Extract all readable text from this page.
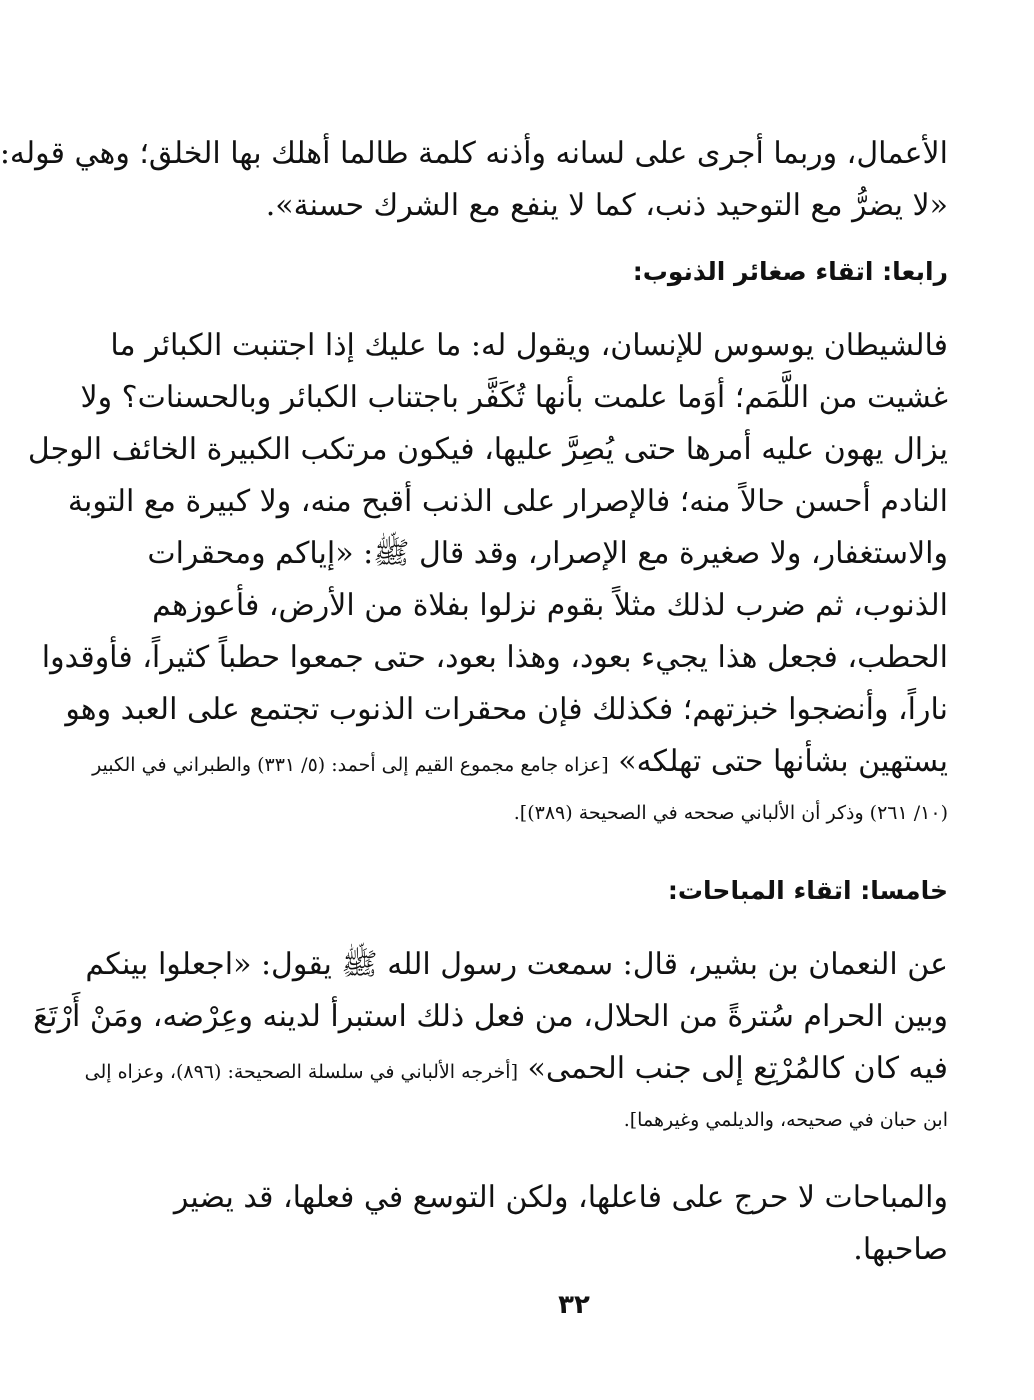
الأعمال، وربما أجرى على لسانه وأذنه كلمة طالما أهلك بها الخلق؛ وهي قوله:
«لا يضرُّ مع التوحيد ذنب، كما لا ينفع مع الشرك حسنة».
رابعا: اتقاء صغائر الذنوب:
فالشيطان يوسوس للإنسان، ويقول له: ما عليك إذا اجتنبت الكبائر ما
غشيت من اللَّمَم؛ أوَما علمت بأنها تُكَفَّر باجتناب الكبائر وبالحسنات؟ ولا
يزال يهون عليه أمرها حتى يُصِرَّ عليها، فيكون مرتكب الكبيرة الخائف الوجل
النادم أحسن حالاً منه؛ فالإصرار على الذنب أقبح منه، ولا كبيرة مع التوبة
والاستغفار، ولا صغيرة مع الإصرار، وقد قال ﷺ: «إياكم ومحقرات
الذنوب، ثم ضرب لذلك مثلاً بقوم نزلوا بفلاة من الأرض، فأعوزهم
الحطب، فجعل هذا يجيء بعود، وهذا بعود، حتى جمعوا حطباً كثيراً، فأوقدوا
ناراً، وأنضجوا خبزتهم؛ فكذلك فإن محقرات الذنوب تجتمع على العبد وهو
يستهين بشأنها حتى تهلكه» [عزاه جامع مجموع القيم إلى أحمد: (٥/ ٣٣١) والطبراني في الكبير
(١٠/ ٢٦١) وذكر أن الألباني صححه في الصحيحة (٣٨٩)].
خامسا: اتقاء المباحات:
عن النعمان بن بشير، قال: سمعت رسول الله ﷺ يقول: «اجعلوا بينكم
وبين الحرام سُترةً من الحلال، من فعل ذلك استبرأ لدينه وعِرْضه، ومَنْ أَرْتَعَ
فيه كان كالمُرْتِع إلى جنب الحمى» [أخرجه الألباني في سلسلة الصحيحة: (٨٩٦)، وعزاه إلى
ابن حبان في صحيحه، والديلمي وغيرهما].
والمباحات لا حرج على فاعلها، ولكن التوسع في فعلها، قد يضير
صاحبها.
٣٢
